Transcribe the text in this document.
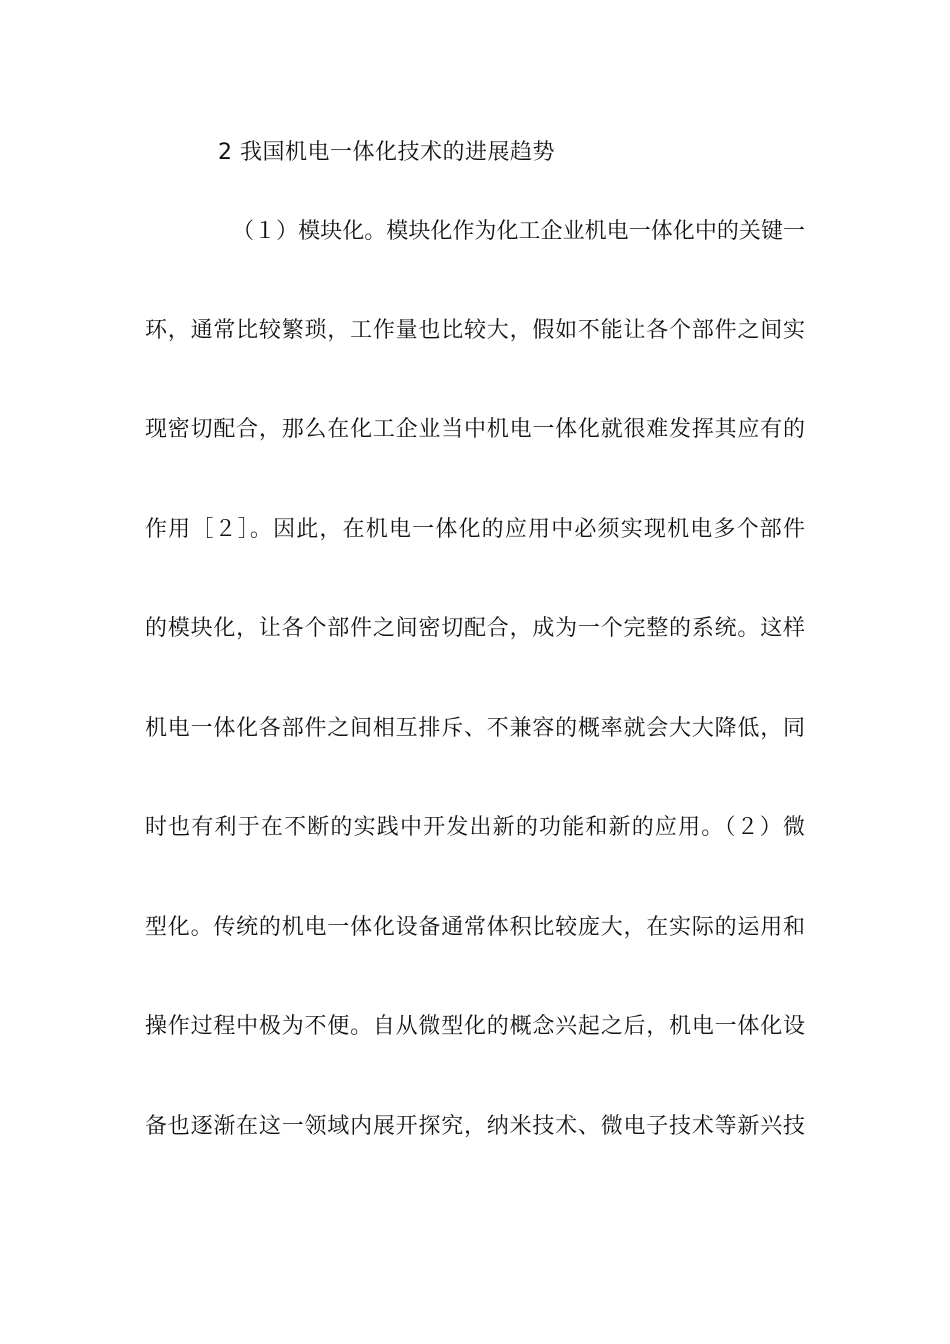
2 我国机电一体化技术的进展趋势
（１）模块化。模块化作为化工企业机电一体化中的关键一
环，通常比较繁琐，工作量也比较大，假如不能让各个部件之间实
现密切配合，那么在化工企业当中机电一体化就很难发挥其应有的
作用［２］。因此，在机电一体化的应用中必须实现机电多个部件
的模块化，让各个部件之间密切配合，成为一个完整的系统。这样
机电一体化各部件之间相互排斥、不兼容的概率就会大大降低，同
时也有利于在不断的实践中开发出新的功能和新的应用。（２）微
型化。传统的机电一体化设备通常体积比较庞大，在实际的运用和
操作过程中极为不便。自从微型化的概念兴起之后，机电一体化设
备也逐渐在这一领域内展开探究，纳米技术、微电子技术等新兴技
